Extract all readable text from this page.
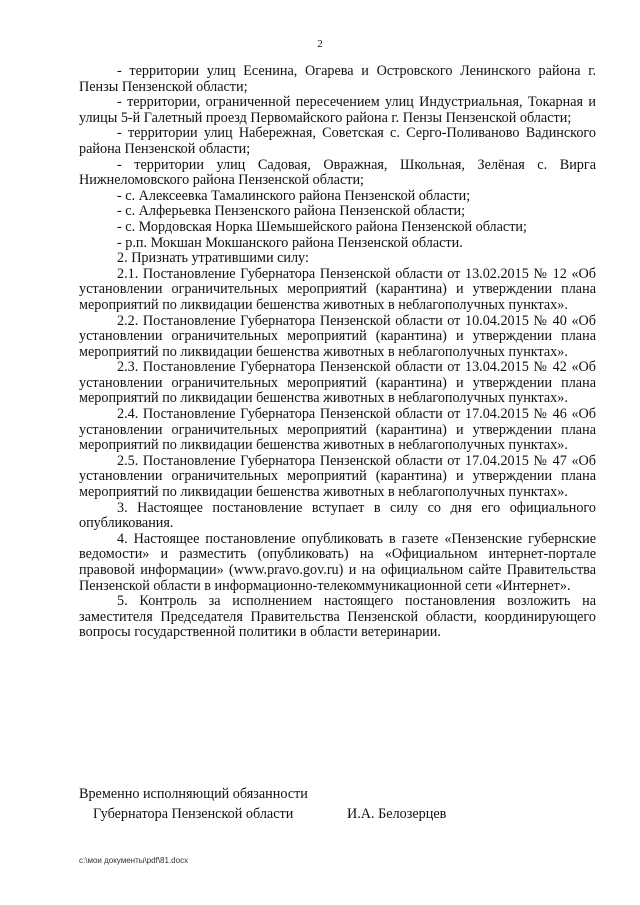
2

- территории улиц Есенина, Огарева и Островского Ленинского района г. Пензы Пензенской области;

- территории, ограниченной пересечением улиц Индустриальная, Токарная и улицы 5-й Галетный проезд Первомайского района г. Пензы Пензенской области;

- территории улиц Набережная, Советская с. Серго-Поливаново Вадинского района Пензенской области;

- территории улиц Садовая, Овражная, Школьная, Зелёная с. Вирга Нижнеломовского района Пензенской области;

- с. Алексеевка Тамалинского района Пензенской области;

- с. Алферьевка Пензенского района Пензенской области;

- с. Мордовская Норка Шемышейского района Пензенской области;

- р.п. Мокшан Мокшанского района Пензенской области.

2. Признать утратившими силу:

2.1. Постановление Губернатора Пензенской области от 13.02.2015 № 12 «Об установлении ограничительных мероприятий (карантина) и утверждении плана мероприятий по ликвидации бешенства животных в неблагополучных пунктах».

2.2. Постановление Губернатора Пензенской области от 10.04.2015 № 40 «Об установлении ограничительных мероприятий (карантина) и утверждении плана мероприятий по ликвидации бешенства животных в неблагополучных пунктах».

2.3. Постановление Губернатора Пензенской области от 13.04.2015 № 42 «Об установлении ограничительных мероприятий (карантина) и утверждении плана мероприятий по ликвидации бешенства животных в неблагополучных пунктах».

2.4. Постановление Губернатора Пензенской области от 17.04.2015 № 46 «Об установлении ограничительных мероприятий (карантина) и утверждении плана мероприятий по ликвидации бешенства животных в неблагополучных пунктах».

2.5. Постановление Губернатора Пензенской области от 17.04.2015 № 47 «Об установлении ограничительных мероприятий (карантина) и утверждении плана мероприятий по ликвидации бешенства животных в неблагополучных пунктах».

3. Настоящее постановление вступает в силу со дня его официального опубликования.

4. Настоящее постановление опубликовать в газете «Пензенские губернские ведомости» и разместить (опубликовать) на «Официальном интернет-портале правовой информации» (www.pravo.gov.ru) и на официальном сайте Правительства Пензенской области в информационно-телекоммуникационной сети «Интернет».

5. Контроль за исполнением настоящего постановления возложить на заместителя Председателя Правительства Пензенской области, координирующего вопросы государственной политики в области ветеринарии.

Временно исполняющий обязанности
Губернатора Пензенской области	И.А. Белозерцев
c:\мои документы\pdf\81.docx
